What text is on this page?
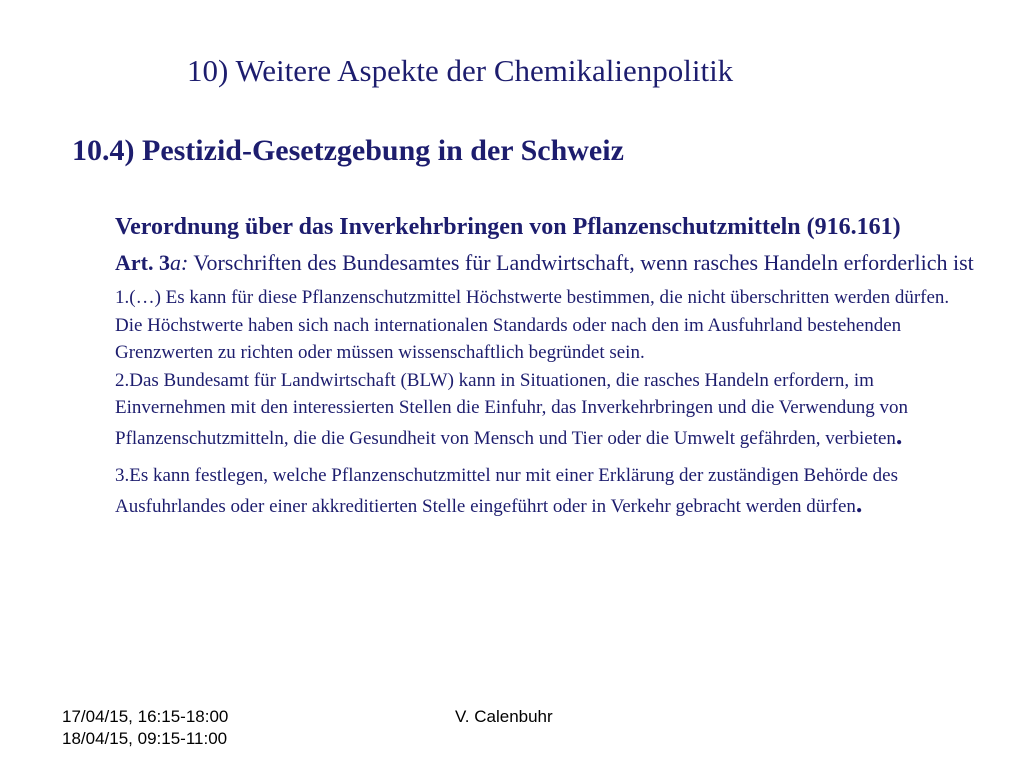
10) Weitere Aspekte der Chemikalienpolitik
10.4) Pestizid-Gesetzgebung in der Schweiz

Verordnung über das Inverkehrbringen von Pflanzenschutzmitteln (916.161)

Art. 3a: Vorschriften des Bundesamtes für Landwirtschaft, wenn rasches Handeln erforderlich ist

1.(…) Es kann für diese Pflanzenschutzmittel Höchstwerte bestimmen, die nicht überschritten werden dürfen. Die Höchstwerte haben sich nach internationalen Standards oder nach den im Ausfuhrland bestehenden Grenzwerten zu richten oder müssen wissenschaftlich begründet sein.

2.Das Bundesamt für Landwirtschaft (BLW) kann in Situationen, die rasches Handeln erfordern, im Einvernehmen mit den interessierten Stellen die Einfuhr, das Inverkehrbringen und die Verwendung von Pflanzenschutzmitteln, die die Gesundheit von Mensch und Tier oder die Umwelt gefährden, verbieten.

3.Es kann festlegen, welche Pflanzenschutzmittel nur mit einer Erklärung der zuständigen Behörde des Ausfuhrlandes oder einer akkreditierten Stelle eingeführt oder in Verkehr gebracht werden dürfen.

17/04/15, 16:15-18:00
18/04/15, 09:15-11:00
V. Calenbuhr
